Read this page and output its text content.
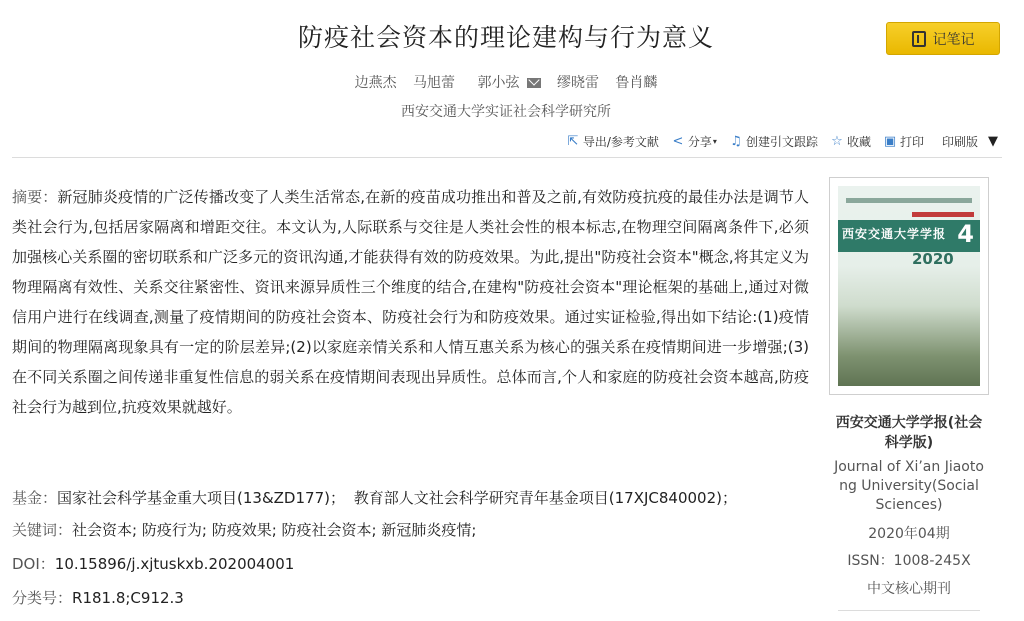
防疫社会资本的理论建构与行为意义	记笔记
边燕杰 马旭蕾 郭小弦	缪晓雷 鲁肖麟
西安交通大学实证社会科学研究所
⇱ 导出/参考文献 < 分享 ▾ ♫ 创建引文跟踪 ☆ 收藏 ▣ 打印 印刷版 ▼
摘要：新冠肺炎疫情的广泛传播改变了人类生活常态,在新的疫苗成功推出和普及之前,有效防疫抗疫的最佳办法是调节人类社会行为,包括居家隔离和增距交往。本文认为,人际联系与交往是人类社会性的根本标志,在物理空间隔离条件下,必须加强核心关系圈的密切联系和广泛多元的资讯沟通,才能获得有效的防疫效果。为此,提出"防疫社会资本"概念,将其定义为物理隔离有效性、关系交往紧密性、资讯来源异质性三个维度的结合,在建构"防疫社会资本"理论框架的基础上,通过对微信用户进行在线调查,测量了疫情期间的防疫社会资本、防疫社会行为和防疫效果。通过实证检验,得出如下结论:(1)疫情期间的物理隔离现象具有一定的阶层差异;(2)以家庭亲情关系和人情互惠关系为核心的强关系在疫情期间进一步增强;(3)在不同关系圈之间传递非重复性信息的弱关系在疫情期间表现出异质性。总体而言,个人和家庭的防疫社会资本越高,防疫社会行为越到位,抗疫效果就越好。
基金：国家社会科学基金重大项目(13&ZD177)； 教育部人文社会科学研究青年基金项目(17XJC840002)；
关键词：社会资本; 防疫行为; 防疫效果; 防疫社会资本; 新冠肺炎疫情;
DOI：10.15896/j.xjtuskxb.202004001
分类号：R181.8;C912.3
西安交通大学学报 4
2020
西安交通大学学报(社会科学版)
Journal of Xi’an Jiaotong University(Social Sciences)
2020年04期
ISSN：1008-245X
中文核心期刊
